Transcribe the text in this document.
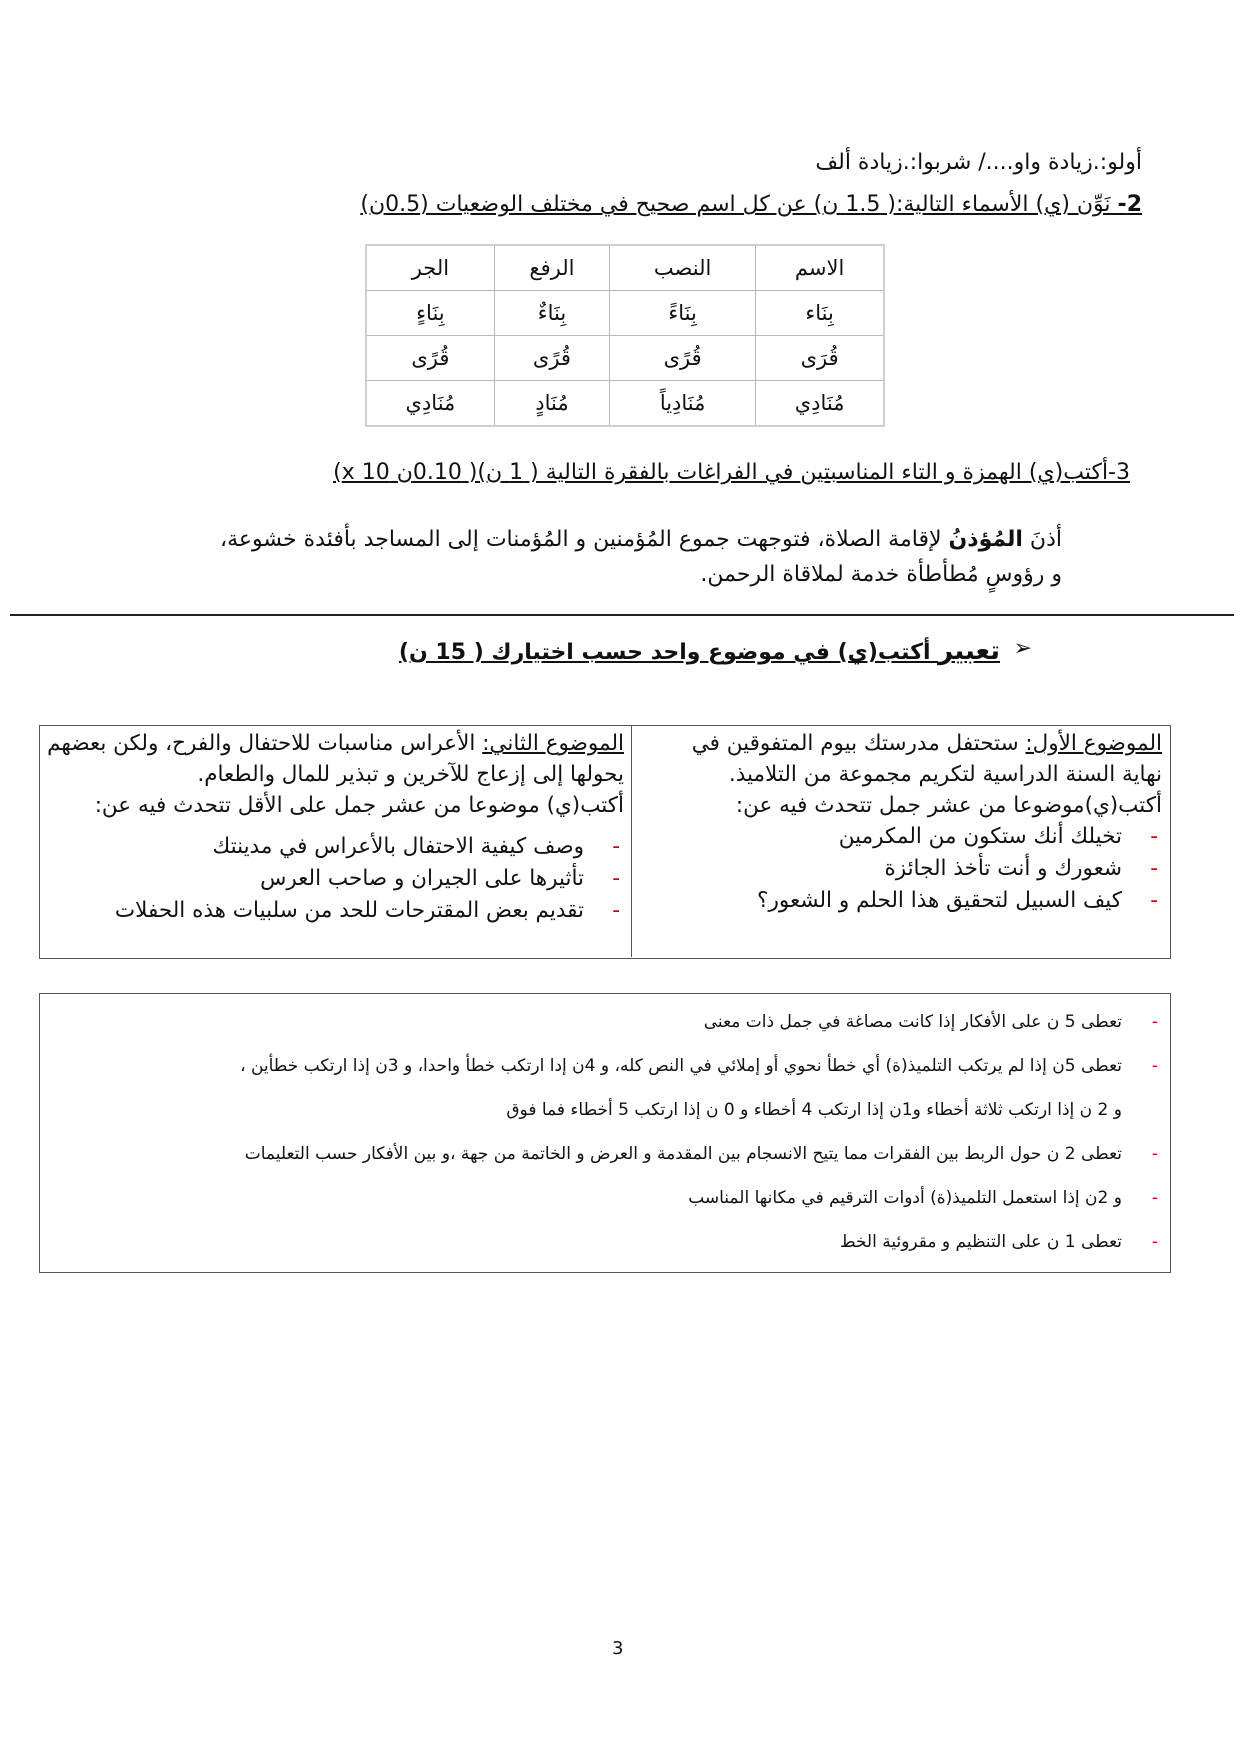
أولو:.زيادة واو..../ شربوا:.زيادة ألف
2- نَوِّن (ي) الأسماء التالية:( 1.5 ن) عن كل اسم صحيح في مختلف الوضعيات (0.5ن)
الاسم	النصب	الرفع	الجر
بِنَاء	بِنَاءً	بِنَاءٌ	بِنَاءٍ
قُرَى	قُرًى	قُرًى	قُرًى
مُنَادِي	مُنَادِياً	مُنَادٍ	مُنَادِي
3-أكتب(ي) الهمزة و التاء المناسبتين في الفراغات بالفقرة التالية ( 1 ن)( 0.10ن x 10)
أذنَ المُؤذنُ لإقامة الصلاة، فتوجهت جموع المُؤمنين و المُؤمنات إلى المساجد بأفئدة خشوعة،
و رؤوسٍ مُطأطأة خدمة لملاقاة الرحمن.
➢
تعبير أكتب(ي) في موضوع واحد حسب اختيارك ( 15 ن)
الموضوع الأول: ستحتفل مدرستك بيوم المتفوقين في نهاية السنة الدراسية لتكريم مجموعة من التلاميذ.
أكتب(ي)موضوعا من عشر جمل تتحدث فيه عن:
-
تخيلك أنك ستكون من المكرمين
-
شعورك و أنت تأخذ الجائزة
-
كيف السبيل لتحقيق هذا الحلم و الشعور؟
الموضوع الثاني: الأعراس مناسبات للاحتفال والفرح، ولكن بعضهم يحولها إلى إزعاج للآخرين و تبذير للمال والطعام.
أكتب(ي) موضوعا من عشر جمل على الأقل تتحدث فيه عن:
-
وصف كيفية الاحتفال بالأعراس في مدينتك
-
تأثيرها على الجيران و صاحب العرس
-
تقديم بعض المقترحات للحد من سلبيات هذه الحفلات
-
تعطى 5 ن على الأفكار إذا كانت مصاغة في جمل ذات معنى
-
تعطى 5ن إذا لم يرتكب التلميذ(ة) أي خطأ نحوي أو إملائي في النص كله، و 4ن إدا ارتكب خطأ واحدا، و 3ن إذا ارتكب خطأين ،
و 2 ن إذا ارتكب ثلاثة أخطاء و1ن إذا ارتكب 4 أخطاء و 0 ن إذا ارتكب 5 أخطاء فما فوق
-
تعطى 2 ن حول الربط بين الفقرات مما يتيح الانسجام بين المقدمة و العرض و الخاتمة من جهة ،و بين الأفكار حسب التعليمات
-
و 2ن إذا استعمل التلميذ(ة) أدوات الترقيم في مكانها المناسب
-
تعطى 1 ن على التنظيم و مقروئية الخط
3
